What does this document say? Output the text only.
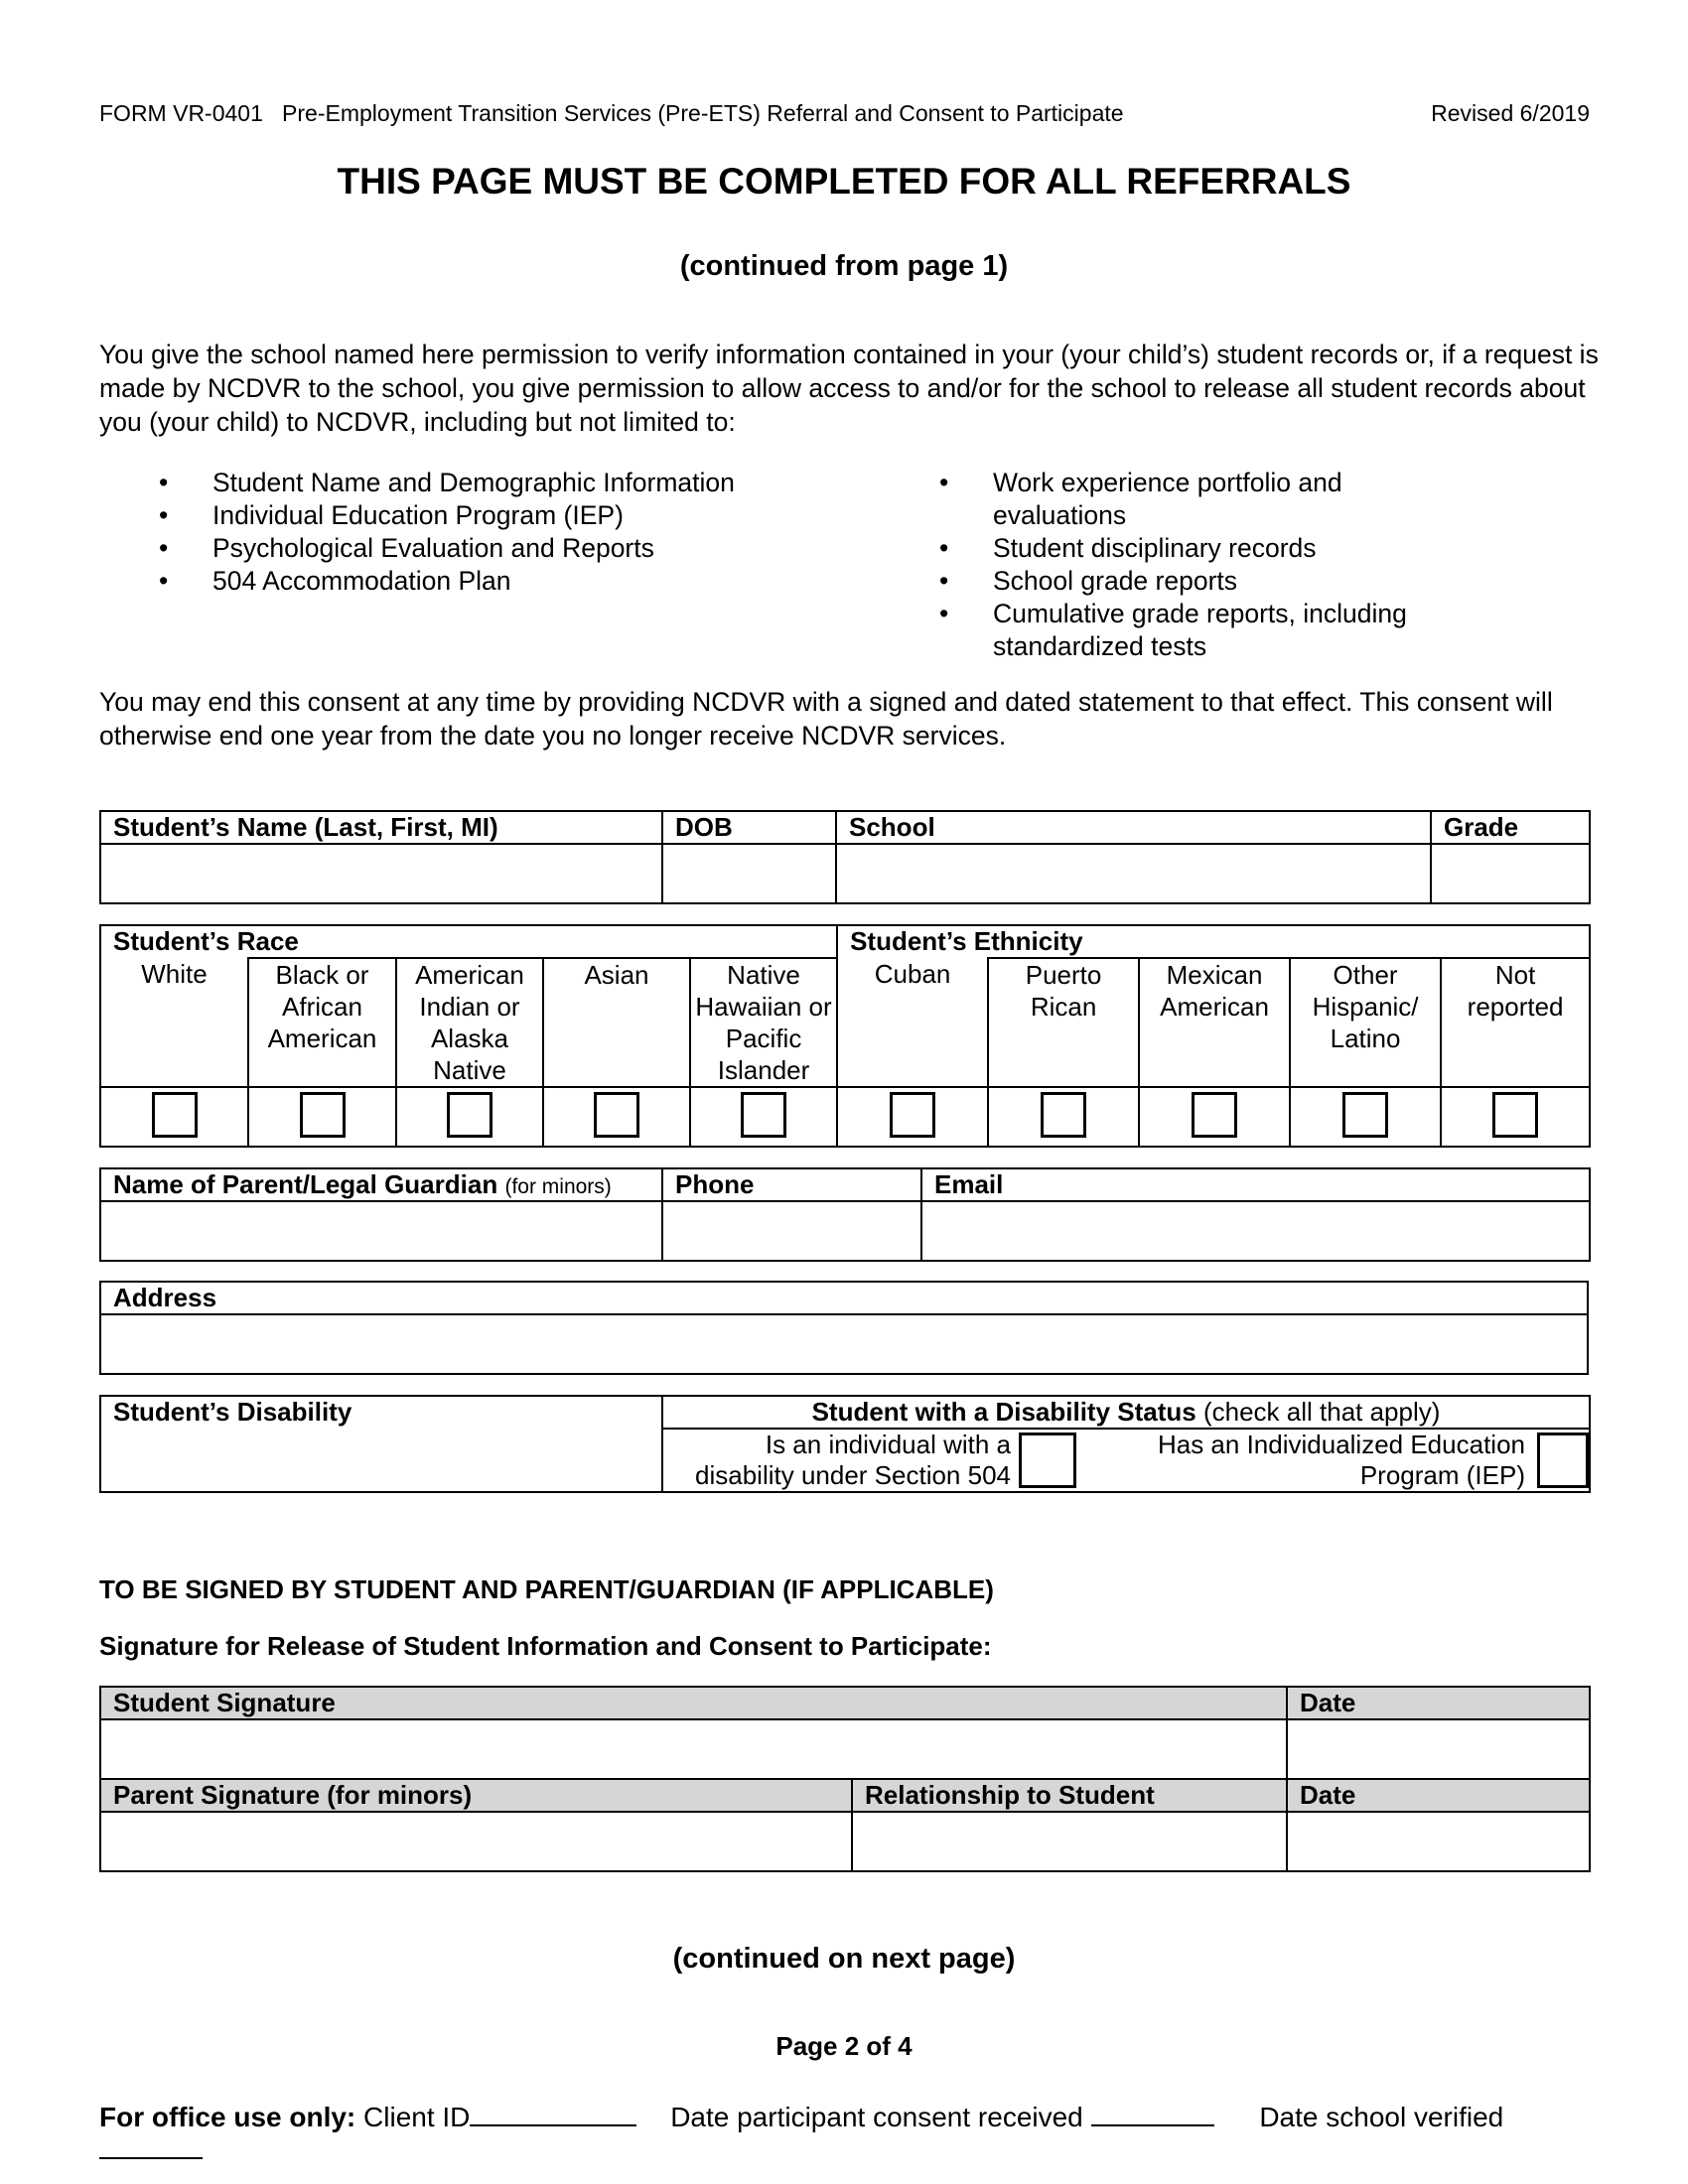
FORM VR-0401   Pre-Employment Transition Services (Pre-ETS) Referral and Consent to Participate	Revised 6/2019
THIS PAGE MUST BE COMPLETED FOR ALL REFERRALS
(continued from page 1)
You give the school named here permission to verify information contained in your (your child’s) student records or, if a request is made by NCDVR to the school, you give permission to allow access to and/or for the school to release all student records about you (your child) to NCDVR, including but not limited to:
• Student Name and Demographic Information
• Individual Education Program (IEP)
• Psychological Evaluation and Reports
• 504 Accommodation Plan
• Work experience portfolio and evaluations
• Student disciplinary records
• School grade reports
• Cumulative grade reports, including standardized tests
You may end this consent at any time by providing NCDVR with a signed and dated statement to that effect. This consent will otherwise end one year from the date you no longer receive NCDVR services.
Student’s Name (Last, First, MI)	DOB	School	Grade

Student’s Race					Student’s Ethnicity				
White	Black or African American	American Indian or Alaska Native	Asian	Native Hawaiian or Pacific Islander	Cuban	Puerto Rican	Mexican American	Other Hispanic/ Latino	Not reported

Name of Parent/Legal Guardian (for minors)	Phone	Email

Address

Student’s Disability	Student with a Disability Status (check all that apply)	

	Is an individual with a disability under Section 504	Has an Individualized Education Program (IEP)
TO BE SIGNED BY STUDENT AND PARENT/GUARDIAN (IF APPLICABLE)
Signature for Release of Student Information and Consent to Participate:
Student Signature		Date

Parent Signature (for minors)	Relationship to Student	Date

(continued on next page)
Page 2 of 4
For office use only: Client ID	Date participant consent received	Date school verified
